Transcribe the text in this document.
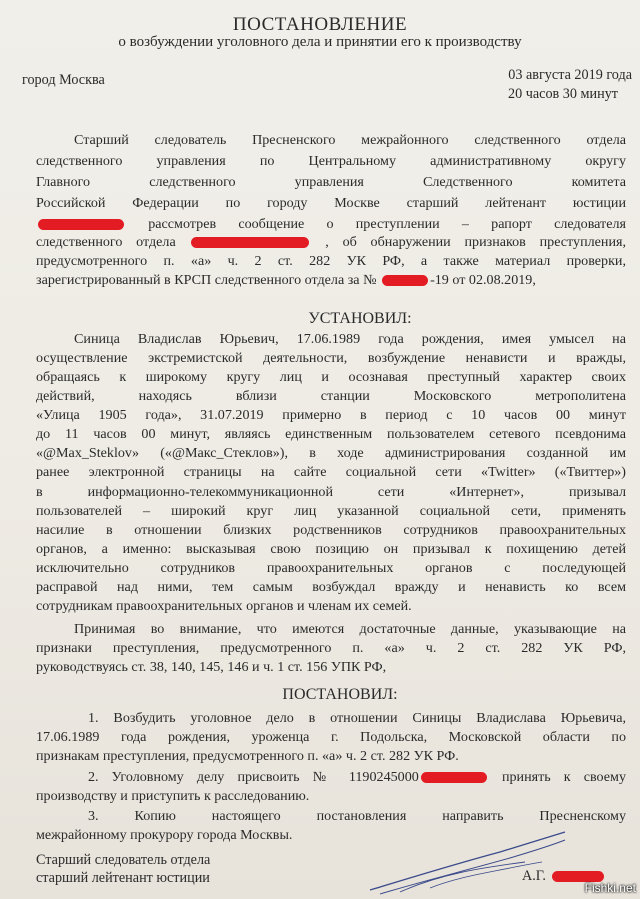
ПОСТАНОВЛЕНИЕ
о возбуждении уголовного дела и принятии его к производству
город Москва	03 августа 2019 года
20 часов 30 минут
Старший следователь Пресненского межрайонного следственного отдела
следственного управления по Центральному административному округу
Главного следственного управления Следственного комитета
Российской Федерации по городу Москве старший лейтенант юстиции
рассмотрев сообщение о преступлении – рапорт следователя
следственного отдела	, об обнаружении признаков преступления,
предусмотренного п. «а» ч. 2 ст. 282 УК РФ, а также материал проверки,
зарегистрированный в КРСП следственного отдела за №	-19 от 02.08.2019,
УСТАНОВИЛ:
Синица Владислав Юрьевич, 17.06.1989 года рождения, имея умысел на
осуществление экстремистской деятельности, возбуждение ненависти и вражды,
обращаясь к широкому кругу лиц и осознавая преступный характер своих
действий, находясь вблизи станции Московского метрополитена
«Улица 1905 года», 31.07.2019 примерно в период с 10 часов 00 минут
до 11 часов 00 минут, являясь единственным пользователем сетевого псевдонима
«@Max_Steklov» («@Макс_Стеклов»), в ходе администрирования созданной им
ранее электронной страницы на сайте социальной сети «Twitter» («Твиттер»)
в информационно-телекоммуникационной сети «Интернет», призывал
пользователей – широкий круг лиц указанной социальной сети, применять
насилие в отношении близких родственников сотрудников правоохранительных
органов, а именно: высказывая свою позицию он призывал к похищению детей
исключительно сотрудников правоохранительных органов с последующей
расправой над ними, тем самым возбуждал вражду и ненависть ко всем
сотрудникам правоохранительных органов и членам их семей.
Принимая во внимание, что имеются достаточные данные, указывающие на
признаки преступления, предусмотренного п. «а» ч. 2 ст. 282 УК РФ,
руководствуясь ст. 38, 140, 145, 146 и ч. 1 ст. 156 УПК РФ,
ПОСТАНОВИЛ:
1. Возбудить уголовное дело в отношении Синицы Владислава Юрьевича,
17.06.1989 года рождения, уроженца г. Подольска, Московской области по
признакам преступления, предусмотренного п. «а» ч. 2 ст. 282 УК РФ.
2. Уголовному делу присвоить № 1190245000	принять к своему
производству и приступить к расследованию.
3. Копию настоящего постановления направить Пресненскому
межрайонному прокурору города Москвы.
Старший следователь отдела
старший лейтенант юстиции	А.Г.
Fishki.net
